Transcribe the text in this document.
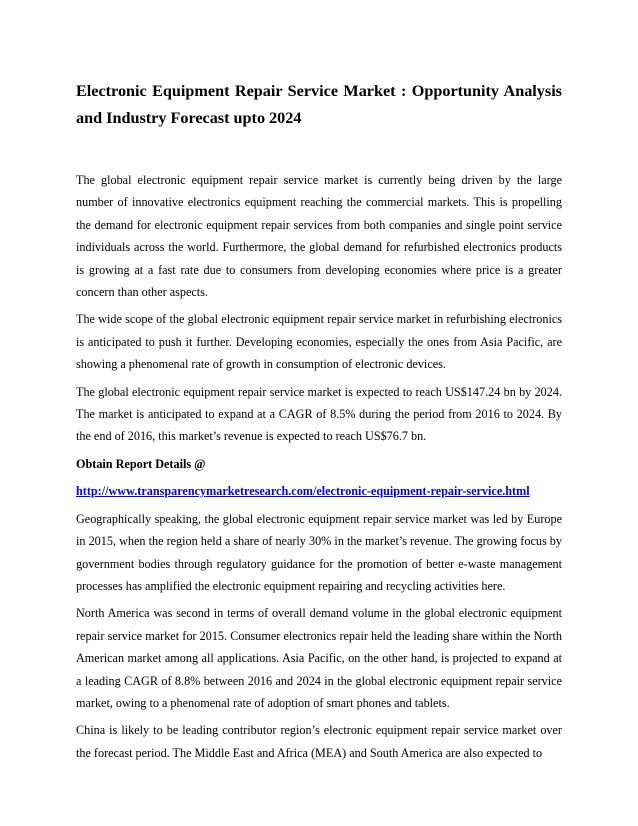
Electronic Equipment Repair Service Market : Opportunity Analysis and Industry Forecast upto 2024

The global electronic equipment repair service market is currently being driven by the large number of innovative electronics equipment reaching the commercial markets. This is propelling the demand for electronic equipment repair services from both companies and single point service individuals across the world. Furthermore, the global demand for refurbished electronics products is growing at a fast rate due to consumers from developing economies where price is a greater concern than other aspects.

The wide scope of the global electronic equipment repair service market in refurbishing electronics is anticipated to push it further. Developing economies, especially the ones from Asia Pacific, are showing a phenomenal rate of growth in consumption of electronic devices.

The global electronic equipment repair service market is expected to reach US$147.24 bn by 2024. The market is anticipated to expand at a CAGR of 8.5% during the period from 2016 to 2024. By the end of 2016, this market’s revenue is expected to reach US$76.7 bn.

Obtain Report Details @
http://www.transparencymarketresearch.com/electronic-equipment-repair-service.html

Geographically speaking, the global electronic equipment repair service market was led by Europe in 2015, when the region held a share of nearly 30% in the market’s revenue. The growing focus by government bodies through regulatory guidance for the promotion of better e-waste management processes has amplified the electronic equipment repairing and recycling activities here.

North America was second in terms of overall demand volume in the global electronic equipment repair service market for 2015. Consumer electronics repair held the leading share within the North American market among all applications. Asia Pacific, on the other hand, is projected to expand at a leading CAGR of 8.8% between 2016 and 2024 in the global electronic equipment repair service market, owing to a phenomenal rate of adoption of smart phones and tablets.

China is likely to be leading contributor region’s electronic equipment repair service market over the forecast period. The Middle East and Africa (MEA) and South America are also expected to
